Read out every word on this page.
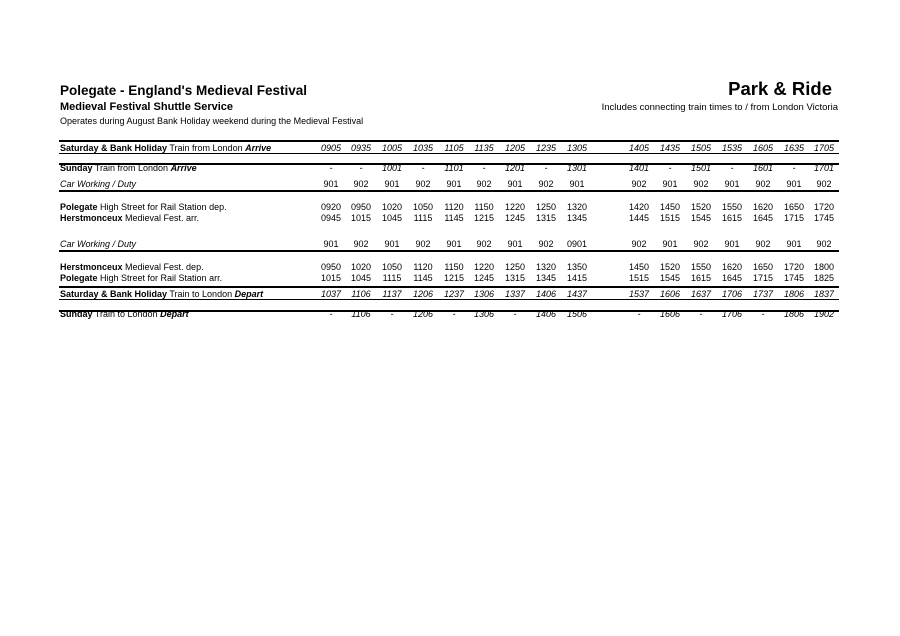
Polegate - England's Medieval Festival	Park & Ride
Medieval Festival Shuttle Service	Includes connecting train times to / from London Victoria
Operates during August Bank Holiday weekend during the Medieval Festival
Saturday & Bank Holiday Train from London Arrive	0905	0935	1005	1035	1105	1135	1205	1235	1305	1405	1435	1505	1535	1605	1635	1705
Sunday Train from London Arrive	-	-	1001	-	1101	-	1201	-	1301	1401	-	1501	-	1601	-	1701
Car Working / Duty	901	902	901	902	901	902	901	902	901	902	901	902	901	902	901	902
Polegate High Street for Rail Station dep.	0920	0950	1020	1050	1120	1150	1220	1250	1320	1420	1450	1520	1550	1620	1650	1720
Herstmonceux Medieval Fest. arr.	0945	1015	1045	1115	1145	1215	1245	1315	1345	1445	1515	1545	1615	1645	1715	1745
Car Working / Duty	901	902	901	902	901	902	901	902	0901	902	901	902	901	902	901	902
Herstmonceux Medieval Fest. dep.	0950	1020	1050	1120	1150	1220	1250	1320	1350	1450	1520	1550	1620	1650	1720	1800
Polegate High Street for Rail Station arr.	1015	1045	1115	1145	1215	1245	1315	1345	1415	1515	1545	1615	1645	1715	1745	1825
Saturday & Bank Holiday Train to London Depart	1037	1106	1137	1206	1237	1306	1337	1406	1437	1537	1606	1637	1706	1737	1806	1837
Sunday Train to London Depart	-	1106	-	1206	-	1306	-	1406	1506	-	1606	-	1706	-	1806	1902
